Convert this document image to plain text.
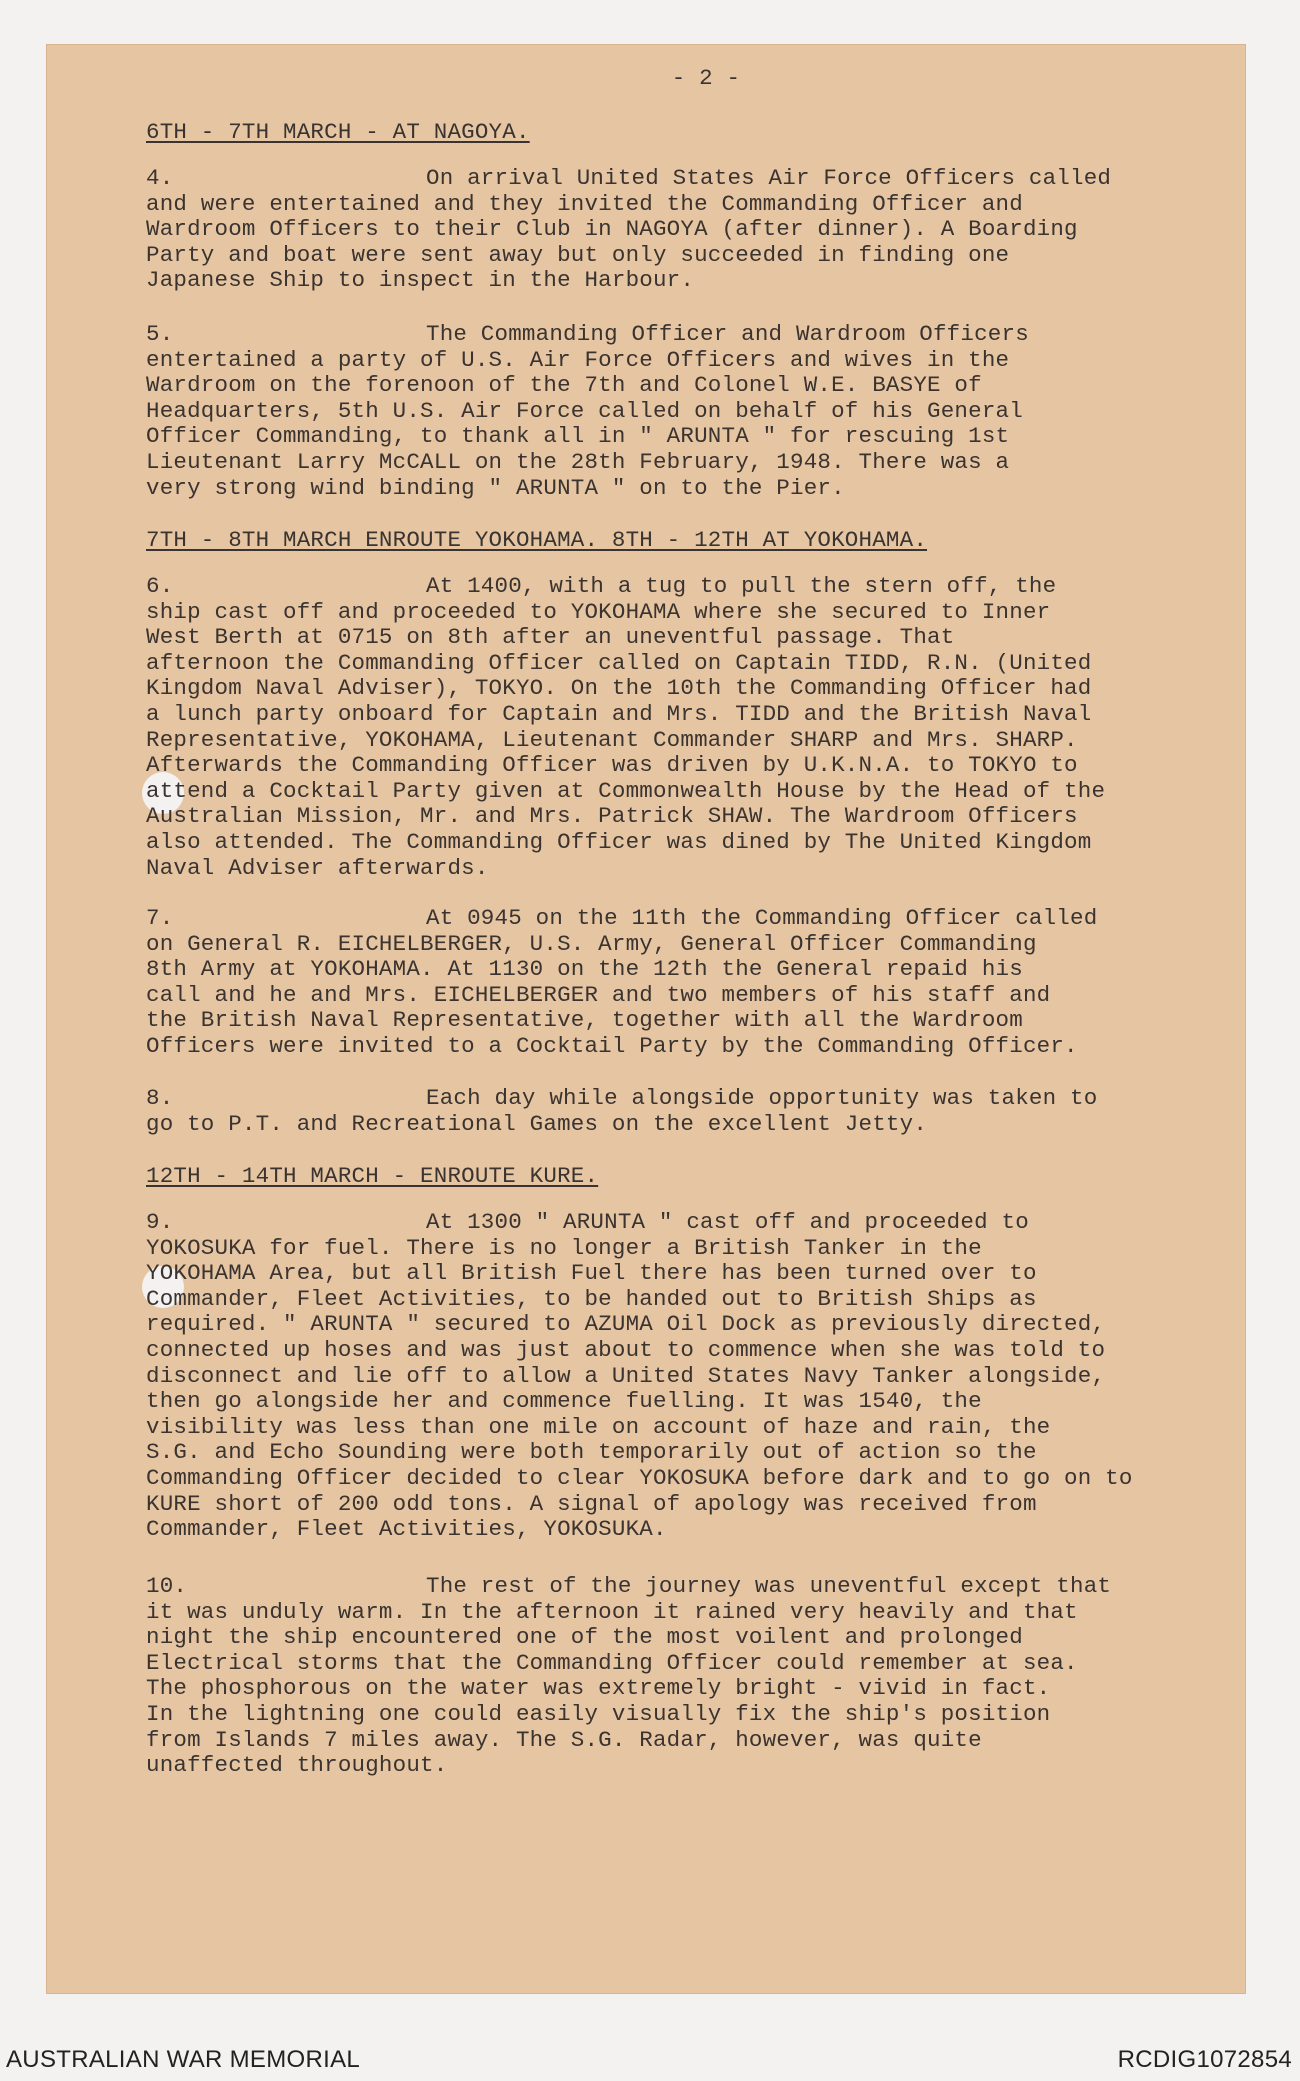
- 2 -
6TH - 7TH MARCH - AT NAGOYA.
4.	On arrival United States Air Force Officers called
and were entertained and they invited the Commanding Officer and
Wardroom Officers to their Club in NAGOYA (after dinner). A Boarding
Party and boat were sent away but only succeeded in finding one
Japanese Ship to inspect in the Harbour.
5.	The Commanding Officer and Wardroom Officers
entertained a party of U.S. Air Force Officers and wives in the
Wardroom on the forenoon of the 7th and Colonel W.E. BASYE of
Headquarters, 5th U.S. Air Force called on behalf of his General
Officer Commanding, to thank all in " ARUNTA " for rescuing 1st
Lieutenant Larry McCALL on the 28th February, 1948. There was a
very strong wind binding " ARUNTA " on to the Pier.
7TH - 8TH MARCH ENROUTE YOKOHAMA. 8TH - 12TH AT YOKOHAMA.
6.	At 1400, with a tug to pull the stern off, the
ship cast off and proceeded to YOKOHAMA where she secured to Inner
West Berth at 0715 on 8th after an uneventful passage. That
afternoon the Commanding Officer called on Captain TIDD, R.N. (United
Kingdom Naval Adviser), TOKYO. On the 10th the Commanding Officer had
a lunch party onboard for Captain and Mrs. TIDD and the British Naval
Representative, YOKOHAMA, Lieutenant Commander SHARP and Mrs. SHARP.
Afterwards the Commanding Officer was driven by U.K.N.A. to TOKYO to
attend a Cocktail Party given at Commonwealth House by the Head of the
Australian Mission, Mr. and Mrs. Patrick SHAW. The Wardroom Officers
also attended. The Commanding Officer was dined by The United Kingdom
Naval Adviser afterwards.
7.	At 0945 on the 11th the Commanding Officer called
on General R. EICHELBERGER, U.S. Army, General Officer Commanding
8th Army at YOKOHAMA. At 1130 on the 12th the General repaid his
call and he and Mrs. EICHELBERGER and two members of his staff and
the British Naval Representative, together with all the Wardroom
Officers were invited to a Cocktail Party by the Commanding Officer.
8.	Each day while alongside opportunity was taken to
go to P.T. and Recreational Games on the excellent Jetty.
12TH - 14TH MARCH - ENROUTE KURE.
9.	At 1300 " ARUNTA " cast off and proceeded to
YOKOSUKA for fuel. There is no longer a British Tanker in the
YOKOHAMA Area, but all British Fuel there has been turned over to
Commander, Fleet Activities, to be handed out to British Ships as
required. " ARUNTA " secured to AZUMA Oil Dock as previously directed,
connected up hoses and was just about to commence when she was told to
disconnect and lie off to allow a United States Navy Tanker alongside,
then go alongside her and commence fuelling. It was 1540, the
visibility was less than one mile on account of haze and rain, the
S.G. and Echo Sounding were both temporarily out of action so the
Commanding Officer decided to clear YOKOSUKA before dark and to go on to
KURE short of 200 odd tons. A signal of apology was received from
Commander, Fleet Activities, YOKOSUKA.
10.	The rest of the journey was uneventful except that
it was unduly warm. In the afternoon it rained very heavily and that
night the ship encountered one of the most voilent and prolonged
Electrical storms that the Commanding Officer could remember at sea.
The phosphorous on the water was extremely bright - vivid in fact.
In the lightning one could easily visually fix the ship's position
from Islands 7 miles away. The S.G. Radar, however, was quite
unaffected throughout.
AUSTRALIAN WAR MEMORIAL	RCDIG1072854
